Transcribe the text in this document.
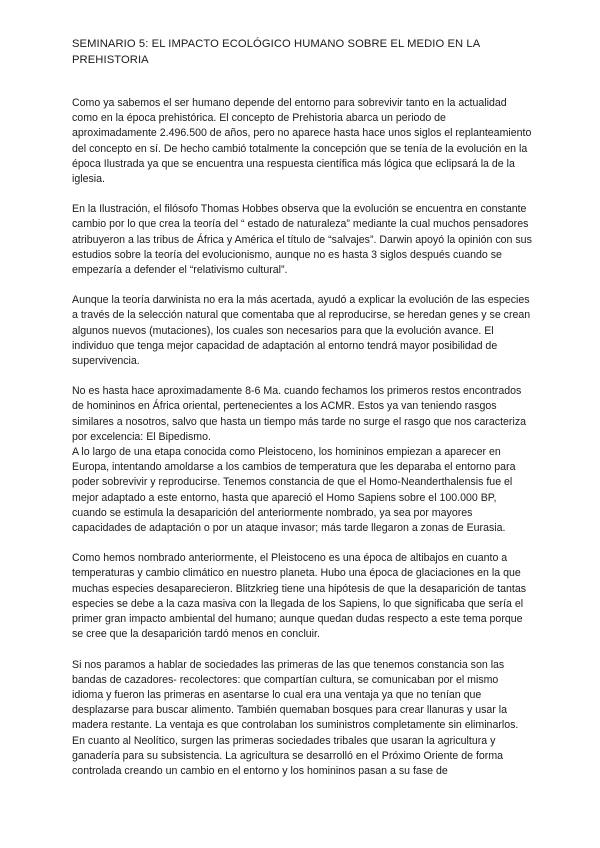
SEMINARIO 5: EL IMPACTO ECOLÓGICO HUMANO SOBRE EL MEDIO EN LA PREHISTORIA

Como ya sabemos el ser humano depende del entorno para sobrevivir tanto en la actualidad como en la época prehistórica. El concepto de Prehistoria abarca un periodo de aproximadamente 2.496.500 de años, pero no aparece hasta hace unos siglos el replanteamiento del concepto en sí. De hecho cambió totalmente la concepción que se tenía de la evolución en la época Ilustrada ya que se encuentra una respuesta científica más lógica que eclipsará la de la iglesia.

En la Ilustración, el filósofo Thomas Hobbes observa que la evolución se encuentra en constante cambio por lo que crea la teoría del “ estado de naturaleza” mediante la cual muchos pensadores atribuyeron a las tribus de África y América el título de “salvajes”. Darwin apoyó la opinión con sus estudios sobre la teoría del evolucionismo, aunque no es hasta 3 siglos después cuando se empezaría a defender el “relativismo cultural”.

Aunque la teoría darwinista no era la más acertada, ayudó a explicar la evolución de las especies a través de la selección natural que comentaba que al reproducirse, se heredan genes y se crean algunos nuevos (mutaciones), los cuales son necesarios para que la evolución avance. El individuo que tenga mejor capacidad de adaptación al entorno tendrá mayor posibilidad de supervivencia.

No es hasta hace aproximadamente 8-6 Ma. cuando fechamos los primeros restos encontrados de homininos en África oriental, pertenecientes a los ACMR. Estos ya van teniendo rasgos similares a nosotros, salvo que hasta un tiempo más tarde no surge el rasgo que nos caracteriza por excelencia: El Bipedismo.

A lo largo de una etapa conocida como Pleistoceno, los homininos empiezan a aparecer en Europa, intentando amoldarse a los cambios de temperatura que les deparaba el entorno para poder sobrevivir y reproducirse. Tenemos constancia de que el Homo-Neanderthalensis fue el mejor adaptado a este entorno, hasta que apareció el Homo Sapiens sobre el 100.000 BP, cuando se estimula la desaparición del anteriormente nombrado, ya sea por mayores capacidades de adaptación o por un ataque invasor; más tarde llegaron a zonas de Eurasia.

Como hemos nombrado anteriormente, el Pleistoceno es una época de altibajos en cuanto a temperaturas y cambio climático en nuestro planeta. Hubo una época de glaciaciones en la que muchas especies desaparecieron. Blitzkrieg tiene una hipótesis de que la desaparición de tantas especies se debe a la caza masiva con la llegada de los Sapiens, lo que significaba que sería el primer gran impacto ambiental del humano; aunque quedan dudas respecto a este tema porque se cree que la desaparición tardó menos en concluir.

Si nos paramos a hablar de sociedades las primeras de las que tenemos constancia son las bandas de cazadores- recolectores: que compartían cultura, se comunicaban por el mismo idioma y fueron las primeras en asentarse lo cual era una ventaja ya que no tenían que desplazarse para buscar alimento. También quemaban bosques para crear llanuras y usar la madera restante. La ventaja es que controlaban los suministros completamente sin eliminarlos.

En cuanto al Neolítico, surgen las primeras sociedades tribales que usaran la agricultura y ganadería para su subsistencia. La agricultura se desarrolló en el Próximo Oriente de forma controlada creando un cambio en el entorno y los homininos pasan a su fase de
